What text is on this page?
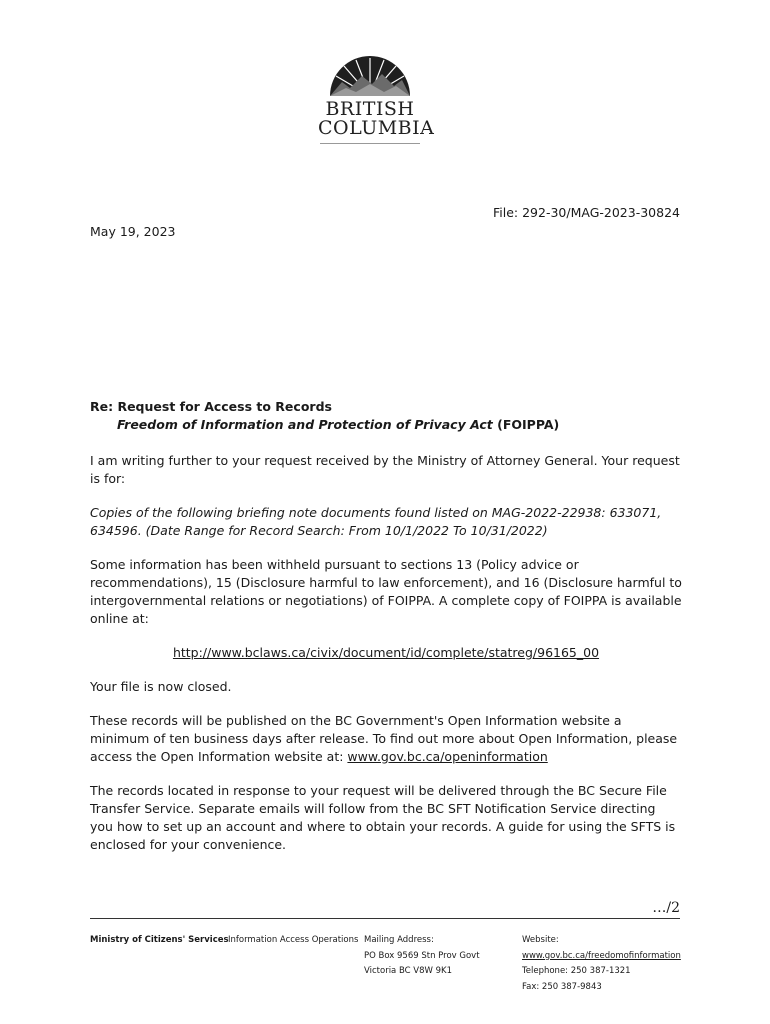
BRITISH
COLUMBIA
File: 292-30/MAG-2023-30824
May 19, 2023
Re: Request for Access to Records
Freedom of Information and Protection of Privacy Act (FOIPPA)

I am writing further to your request received by the Ministry of Attorney General. Your request is for:

Copies of the following briefing note documents found listed on MAG-2022-22938: 633071, 634596. (Date Range for Record Search: From 10/1/2022 To 10/31/2022)

Some information has been withheld pursuant to sections 13 (Policy advice or recommendations), 15 (Disclosure harmful to law enforcement), and 16 (Disclosure harmful to intergovernmental relations or negotiations) of FOIPPA. A complete copy of FOIPPA is available online at:

http://www.bclaws.ca/civix/document/id/complete/statreg/96165_00

Your file is now closed.

These records will be published on the BC Government's Open Information website a minimum of ten business days after release. To find out more about Open Information, please access the Open Information website at: www.gov.bc.ca/openinformation

The records located in response to your request will be delivered through the BC Secure File Transfer Service. Separate emails will follow from the BC SFT Notification Service directing you how to set up an account and where to obtain your records. A guide for using the SFTS is enclosed for your convenience.

…/2
Ministry of Citizens' Services Information Access Operations Mailing Address:
PO Box 9569 Stn Prov Govt
Victoria BC V8W 9K1
Website:
www.gov.bc.ca/freedomofinformation
Telephone: 250 387-1321
Fax: 250 387-9843
